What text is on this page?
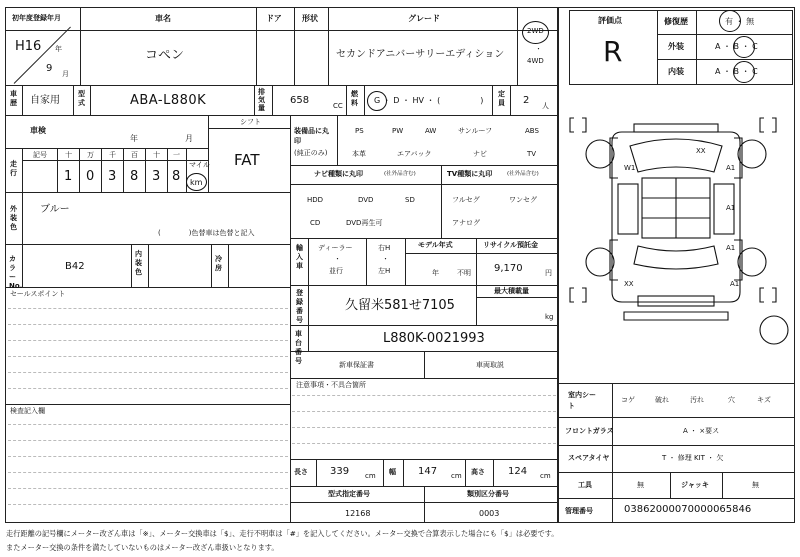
初年度登録年月	車名	ドア	形状	グレード
H16 年
9 月
コペン	セカンドアニバーサリーエディション
2WD
・
4WD
車歴 自家用
型式	ABA-L880K
排気量
658	CC
燃料 G ・ D ・ HV ・ (　　　　　)
定員 2 人
評価点
R
修復歴	有 ・ 無
外装	A ・ B ・ C
内装	A ・ B ・ C
車検
年	月
シフト
FAT
走行
記号	十 万 千 百 十 一
マイル
1 0 3 8 3 8 km
外装色
ブルー
(　　　　)色替車は色替と記入
カラーNo.
B42
内装色
冷房
セールスポイント
検査記入欄
装備品に丸印
(純正のみ)
PS	PW	AW	サンルーフ	ABS
本革	エアバック	ナビ	TV
ナビ種類に丸印	(社外品含む)	TV種類に丸印	(社外品含む)
HDD	DVD	SD
CD	DVD再生可
フルセグ	ワンセグ
アナログ
輸入車
ディーラー
・
並行
右H
・
左H
モデル年式
年	不明
リサイクル預託金
9,170	円
登録番号
久留米581せ7105
最大積載量
kg
車台番号
L880K-0021993
新車保証書	車両取説
注意事項・不具合箇所
長さ 339 cm 幅 147 cm 高さ 124 cm
型式指定番号	類別区分番号
12168	0003
XX
W1	A1
A1
A1
XX	A1
室内シート
コゲ	破れ	汚れ	穴	キズ
フロントガラス	A ・ ×要ス
スペアタイヤ	T ・ 修理 KIT ・ 欠
工具	無	ジャッキ	無
管理番号	03862000070000065846
走行距離の記号欄にメーター改ざん車は「※」、メーター交換車は「$」、走行不明車は「#」を記入してください。メーター交換で合算表示した場合にも「$」は必要です。
またメーター交換の条件を満たしていないものはメーター改ざん車扱いとなります。
